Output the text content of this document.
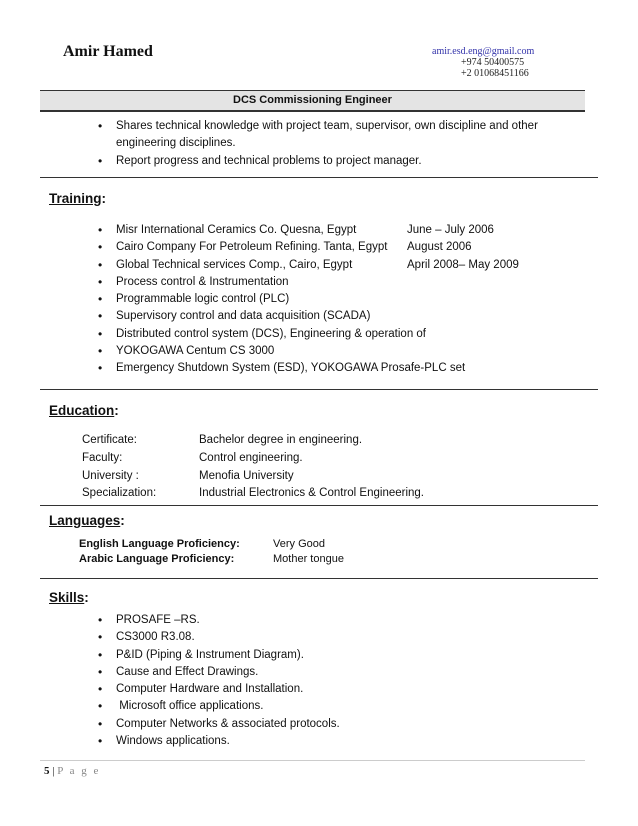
Amir Hamed	amir.esd.eng@gmail.com
+974 50400575
+2 01068451166
DCS Commissioning Engineer
• Shares technical knowledge with project team, supervisor, own discipline and other
engineering disciplines.
• Report progress and technical problems to project manager.
Training:
• Misr International Ceramics Co. Quesna, Egypt	June – July 2006
• Cairo Company For Petroleum Refining. Tanta, Egypt August 2006
• Global Technical services Comp., Cairo, Egypt	April 2008– May 2009
• Process control & Instrumentation
• Programmable logic control (PLC)
• Supervisory control and data acquisition (SCADA)
• Distributed control system (DCS), Engineering & operation of
• YOKOGAWA Centum CS 3000
• Emergency Shutdown System (ESD), YOKOGAWA Prosafe-PLC set
Education:
Certificate:	Bachelor degree in engineering.
Faculty:	Control engineering.
University :	Menofia University
Specialization:	Industrial Electronics & Control Engineering.
Languages:
English Language Proficiency:	Very Good
Arabic Language Proficiency:	Mother tongue
Skills:
• PROSAFE –RS.
• CS3000 R3.08.
• P&ID (Piping & Instrument Diagram).
• Cause and Effect Drawings.
• Computer Hardware and Installation.
•  Microsoft office applications.
• Computer Networks & associated protocols.
• Windows applications.
5 | P a g e
